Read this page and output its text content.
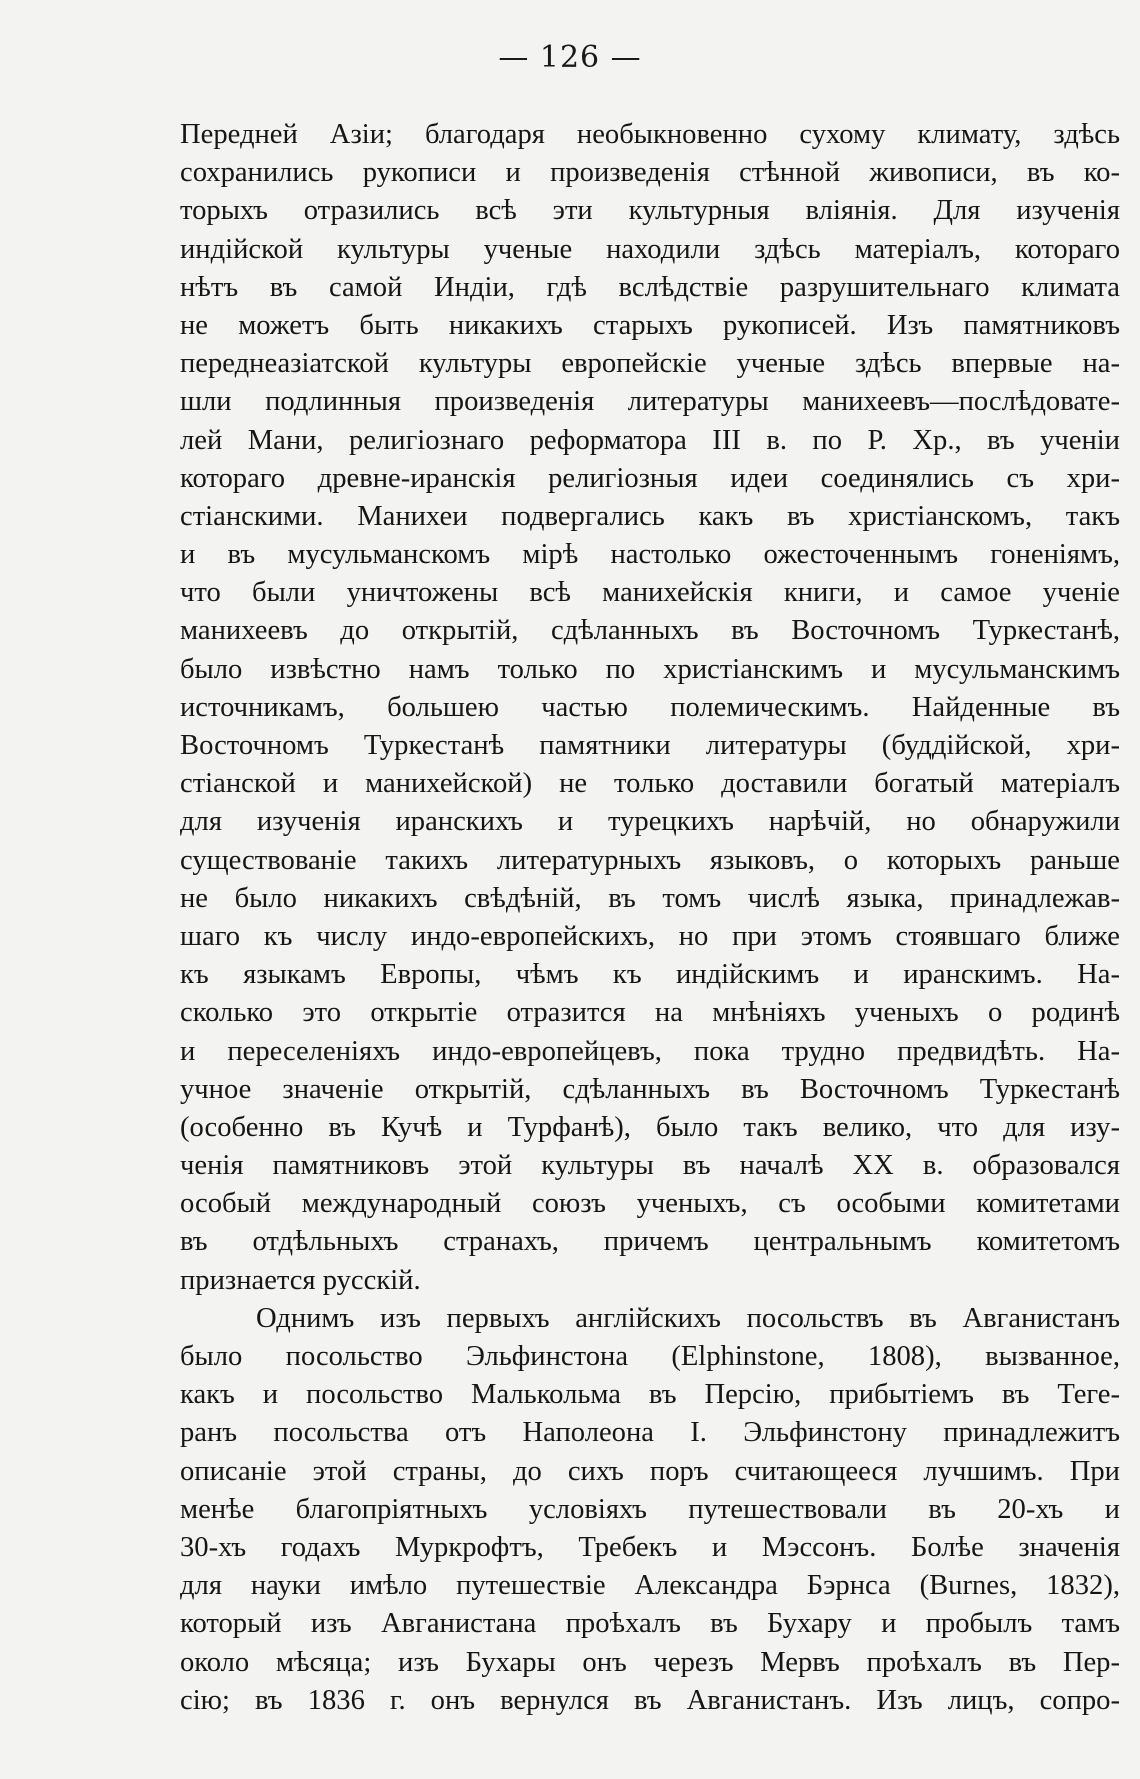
— 126 —
Передней Азіи; благодаря необыкновенно сухому климату, здѣсь
сохранились рукописи и произведенія стѣнной живописи, въ ко-
торыхъ отразились всѣ эти культурныя вліянія. Для изученія
индійской культуры ученые находили здѣсь матеріалъ, котораго
нѣтъ въ самой Индіи, гдѣ вслѣдствіе разрушительнаго климата
не можетъ быть никакихъ старыхъ рукописей. Изъ памятниковъ
переднеазіатской культуры европейскіе ученые здѣсь впервые на-
шли подлинныя произведенія литературы манихеевъ—послѣдовате-
лей Мани, религіознаго реформатора III в. по Р. Хр., въ ученіи
котораго древне-иранскія религіозныя идеи соединялись съ хри-
стіанскими. Манихеи подвергались какъ въ христіанскомъ, такъ
и въ мусульманскомъ мірѣ настолько ожесточеннымъ гоненіямъ,
что были уничтожены всѣ манихейскія книги, и самое ученіе
манихеевъ до открытій, сдѣланныхъ въ Восточномъ Туркестанѣ,
было извѣстно намъ только по христіанскимъ и мусульманскимъ
источникамъ, большею частью полемическимъ. Найденные въ
Восточномъ Туркестанѣ памятники литературы (буддійской, хри-
стіанской и манихейской) не только доставили богатый матеріалъ
для изученія иранскихъ и турецкихъ нарѣчій, но обнаружили
существованіе такихъ литературныхъ языковъ, о которыхъ раньше
не было никакихъ свѣдѣній, въ томъ числѣ языка, принадлежав-
шаго къ числу индо-европейскихъ, но при этомъ стоявшаго ближе
къ языкамъ Европы, чѣмъ къ индійскимъ и иранскимъ. На-
сколько это открытіе отразится на мнѣніяхъ ученыхъ о родинѣ
и переселеніяхъ индо-европейцевъ, пока трудно предвидѣть. На-
учное значеніе открытій, сдѣланныхъ въ Восточномъ Туркестанѣ
(особенно въ Кучѣ и Турфанѣ), было такъ велико, что для изу-
ченія памятниковъ этой культуры въ началѣ XX в. образовался
особый международный союзъ ученыхъ, съ особыми комитетами
въ отдѣльныхъ странахъ, причемъ центральнымъ комитетомъ
признается русскій.
Однимъ изъ первыхъ англійскихъ посольствъ въ Авганистанъ
было посольство Эльфинстона (Elphinstone, 1808), вызванное,
какъ и посольство Малькольма въ Персію, прибытіемъ въ Теге-
ранъ посольства отъ Наполеона I. Эльфинстону принадлежитъ
описаніе этой страны, до сихъ поръ считающееся лучшимъ. При
менѣе благопріятныхъ условіяхъ путешествовали въ 20-хъ и
30-хъ годахъ Муркрофтъ, Требекъ и Мэссонъ. Болѣе значенія
для науки имѣло путешествіе Александра Бэрнса (Burnes, 1832),
который изъ Авганистана проѣхалъ въ Бухару и пробылъ тамъ
около мѣсяца; изъ Бухары онъ черезъ Мервъ проѣхалъ въ Пер-
сію; въ 1836 г. онъ вернулся въ Авганистанъ. Изъ лицъ, сопро-
